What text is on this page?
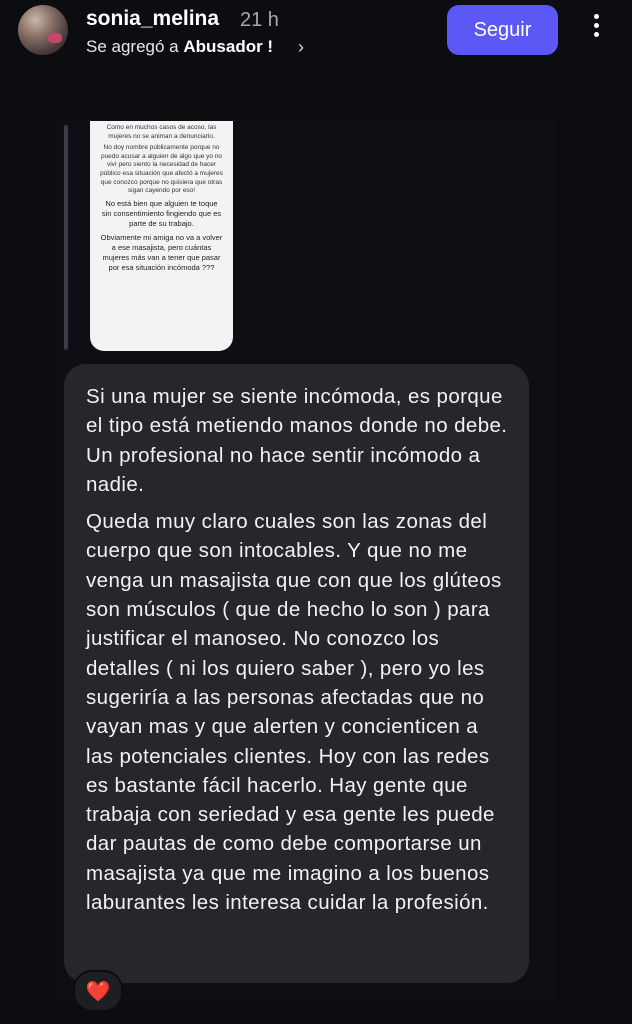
sonia_melina 21 h
Se agregó a Abusador ! ›
Seguir

Como en muchos casos de acoso, las mujeres no se animan a denunciarlo.

No doy nombre públicamente porque no puedo acusar a alguien de algo que yo no viví pero siento la necesidad de hacer público esa situación que afectó a mujeres que conozco porque no quisiera que otras sigan cayendo por eso!

No está bien que alguien te toque sin consentimiento fingiendo que es parte de su trabajo.

Obviamente mi amiga no va a volver a ese masajista, pero cuántas mujeres más van a tener que pasar por esa situación incómoda ???

Si una mujer se siente incómoda, es porque el tipo está metiendo manos donde no debe. Un profesional no hace sentir incómodo a nadie.

Queda muy claro cuales son las zonas del cuerpo que son intocables. Y que no me venga un masajista que con que los glúteos son músculos ( que de hecho lo son ) para justificar el manoseo. No conozco los detalles ( ni los quiero saber ), pero yo les sugeriría a las personas afectadas que no vayan mas y que alerten y concienticen a las potenciales clientes. Hoy con las redes es bastante fácil hacerlo. Hay gente que trabaja con seriedad y esa gente les puede dar pautas de como debe comportarse un masajista ya que me imagino a los buenos laburantes les interesa cuidar la profesión.

❤️
